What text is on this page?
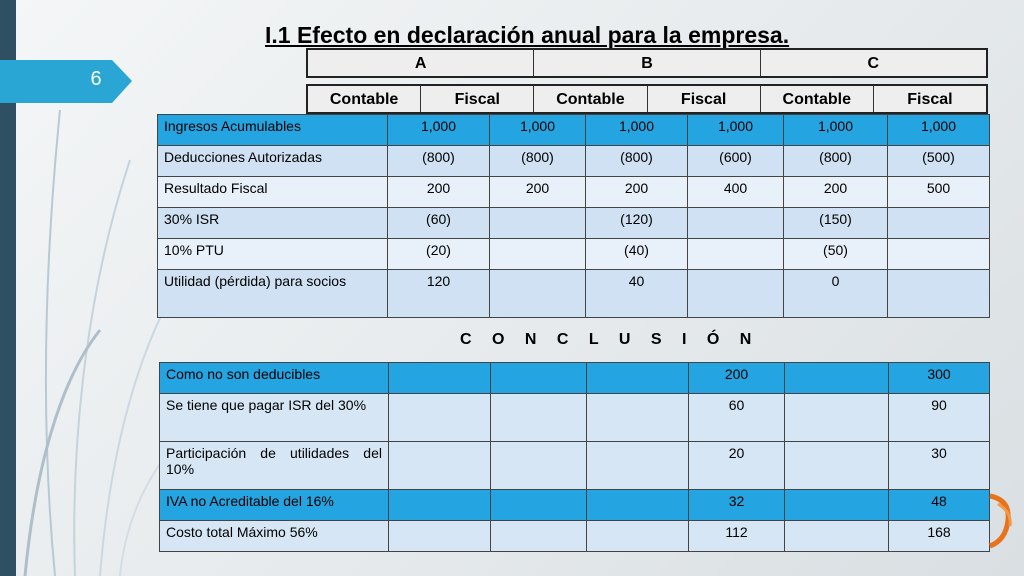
6
I.1 Efecto en declaración anual para la empresa.
A	B	C
Contable	Fiscal	Contable	Fiscal	Contable	Fiscal
Ingresos Acumulables	1,000	1,000	1,000	1,000	1,000	1,000
Deducciones Autorizadas	(800)	(800)	(800)	(600)	(800)	(500)
Resultado Fiscal	200	200	200	400	200	500
30% ISR	(60)		(120)		(150)	
10% PTU	(20)		(40)		(50)	
Utilidad (pérdida) para socios	120		40		0	
C O N C L U S I Ó N
Como no son deducibles				200		300
Se tiene que pagar ISR del 30%				60		90
Participación de utilidades del 10%				20		30
IVA no Acreditable del 16%				32		48
Costo total Máximo 56%				112		168
